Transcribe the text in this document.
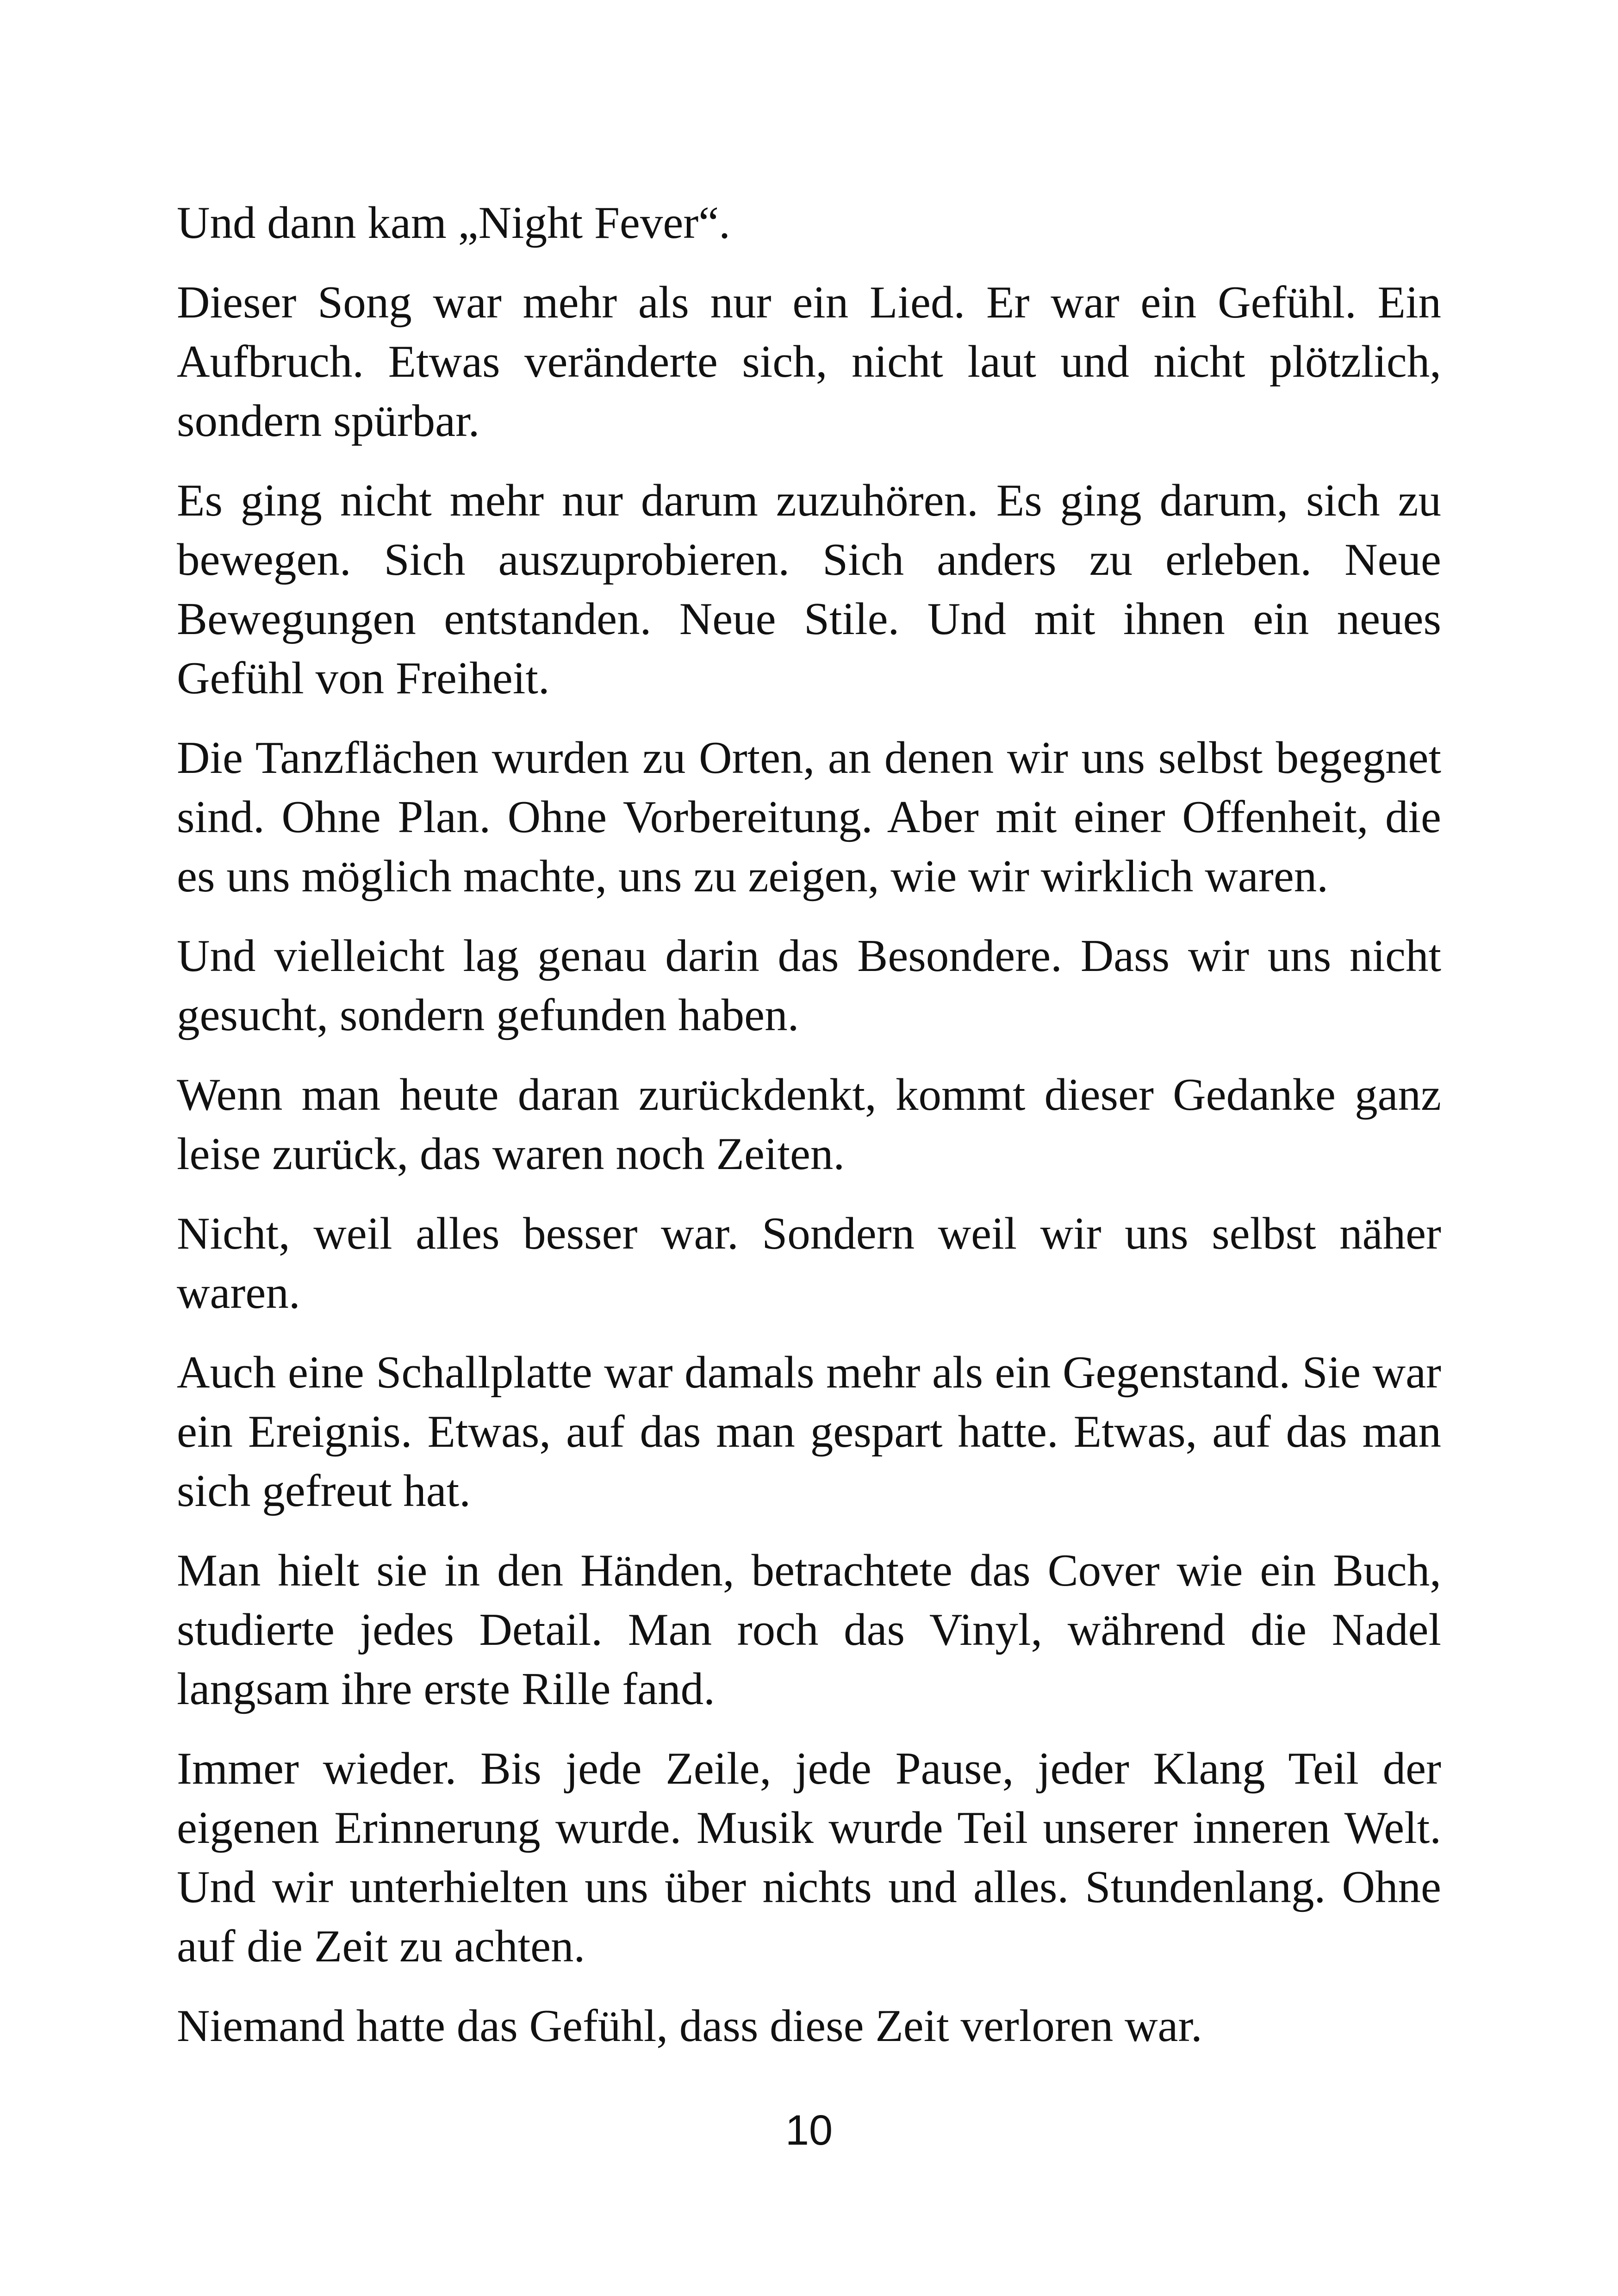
Und dann kam „Night Fever“.

Dieser Song war mehr als nur ein Lied. Er war ein Gefühl. Ein Aufbruch. Etwas veränderte sich, nicht laut und nicht plötzlich, sondern spürbar.

Es ging nicht mehr nur darum zuzuhören. Es ging darum, sich zu bewegen. Sich auszuprobieren. Sich anders zu erleben. Neue Bewegungen entstanden. Neue Stile. Und mit ihnen ein neues Gefühl von Freiheit.

Die Tanzflächen wurden zu Orten, an denen wir uns selbst begegnet sind. Ohne Plan. Ohne Vorbereitung. Aber mit einer Offenheit, die es uns möglich machte, uns zu zeigen, wie wir wirklich waren.

Und vielleicht lag genau darin das Besondere. Dass wir uns nicht gesucht, sondern gefunden haben.

Wenn man heute daran zurückdenkt, kommt dieser Gedanke ganz leise zurück, das waren noch Zeiten.

Nicht, weil alles besser war. Sondern weil wir uns selbst näher waren.

Auch eine Schallplatte war damals mehr als ein Gegenstand. Sie war ein Ereignis. Etwas, auf das man gespart hatte. Etwas, auf das man sich gefreut hat.

Man hielt sie in den Händen, betrachtete das Cover wie ein Buch, studierte jedes Detail. Man roch das Vinyl, während die Nadel langsam ihre erste Rille fand.

Immer wieder. Bis jede Zeile, jede Pause, jeder Klang Teil der eigenen Erinnerung wurde. Musik wurde Teil unserer inneren Welt. Und wir unterhielten uns über nichts und alles. Stundenlang. Ohne auf die Zeit zu achten.

Niemand hatte das Gefühl, dass diese Zeit verloren war.

10
